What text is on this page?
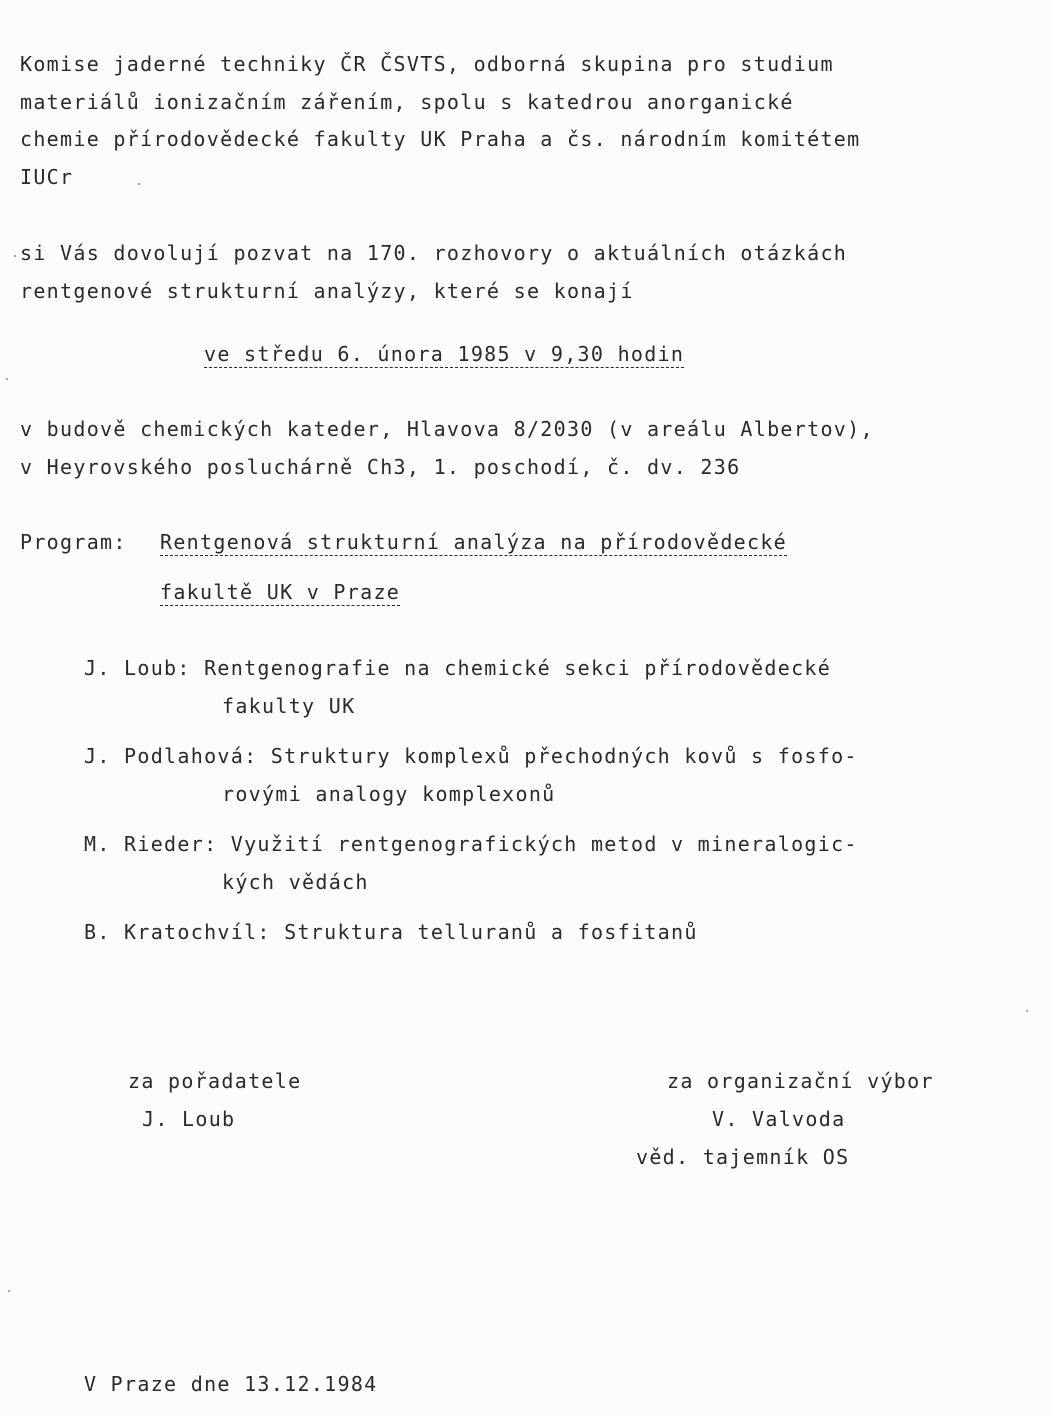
Komise jaderné techniky ČR ČSVTS, odborná skupina pro studium
materiálů ionizačním zářením, spolu s katedrou anorganické
chemie přírodovědecké fakulty UK Praha a čs. národním komitétem
IUCr
si Vás dovolují pozvat na 170. rozhovory o aktuálních otázkách
rentgenové strukturní analýzy, které se konají
ve středu 6. února 1985 v 9,30 hodin
v budově chemických kateder, Hlavova 8/2030 (v areálu Albertov),
v Heyrovského posluchárně Ch3, 1. poschodí, č. dv. 236
Program: Rentgenová strukturní analýza na přírodovědecké
fakultě UK v Praze
J. Loub: Rentgenografie na chemické sekci přírodovědecké
fakulty UK
J. Podlahová: Struktury komplexů přechodných kovů s fosfo-
rovými analogy komplexonů
M. Rieder: Využití rentgenografických metod v mineralogic-
kých vědách
B. Kratochvíl: Struktura telluranů a fosfitanů
za pořadatele
J. Loub
za organizační výbor
V. Valvoda
věd. tajemník OS
V Praze dne 13.12.1984
